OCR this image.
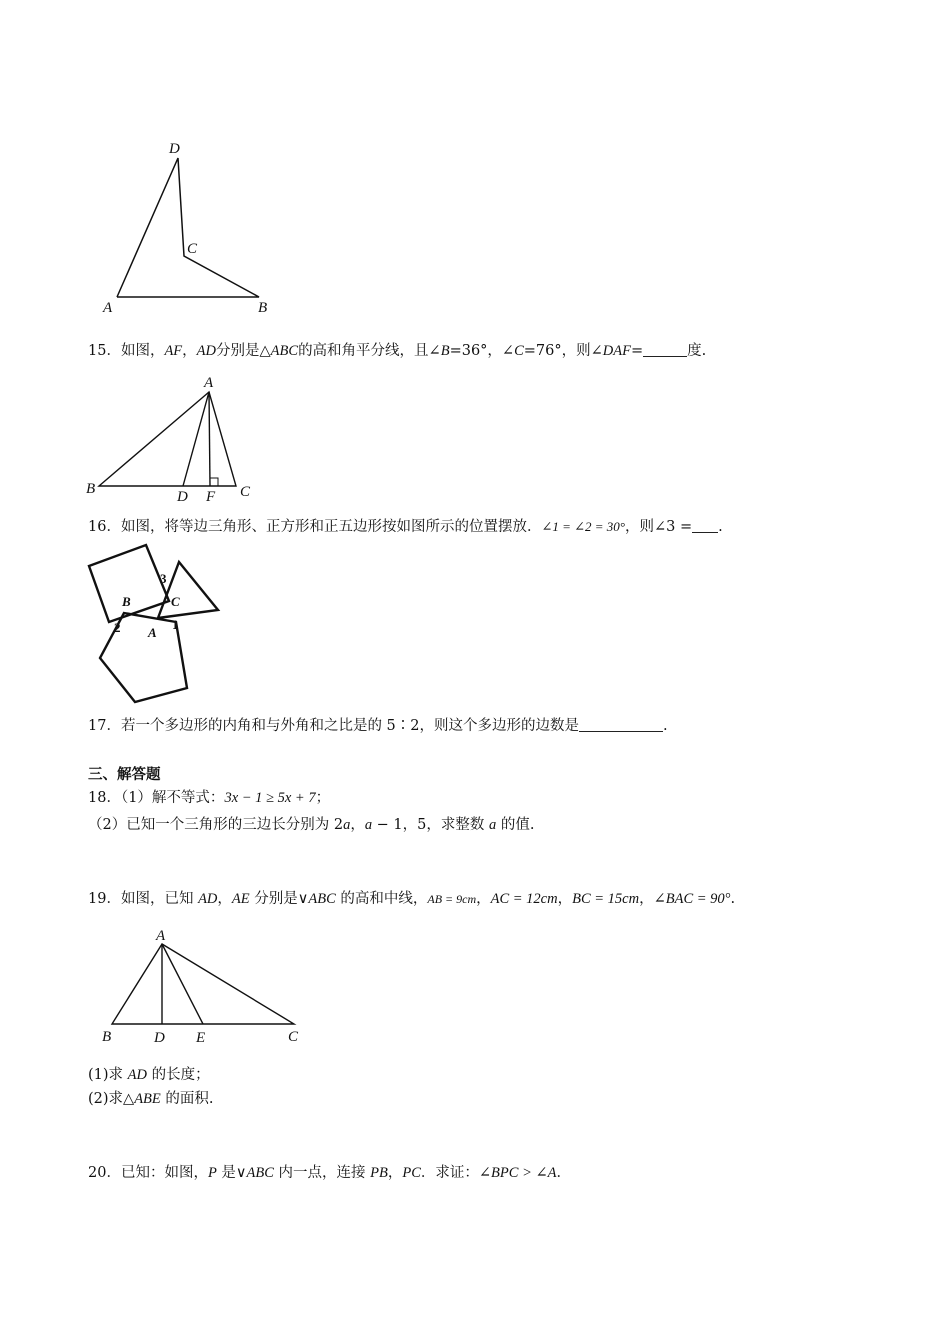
D
C
A	B
A
B	D F C
B	C
A
3
2	1
A
B	D E	C
15．如图，AF，AD分别是△ABC的高和角平分线，且∠B=36°，∠C=76°，则∠DAF=	度.
16．如图，将等边三角形、正方形和正五边形按如图所示的位置摆放．∠1 = ∠2 = 30°，则∠3 = .
17．若一个多边形的内角和与外角和之比是的 5∶2，则这个多边形的边数是	.
三、解答题
18．（1）解不等式：3x − 1 ≥ 5x + 7；
（2）已知一个三角形的三边长分别为 2a，a − 1，5，求整数 a 的值.
19．如图，已知 AD，AE 分别是∨ABC 的高和中线，AB = 9cm，AC = 12cm，BC = 15cm，∠BAC = 90°.
(1)求 AD 的长度；
(2)求△ABE 的面积.
20．已知：如图，P 是∨ABC 内一点，连接 PB，PC．求证：∠BPC > ∠A．
